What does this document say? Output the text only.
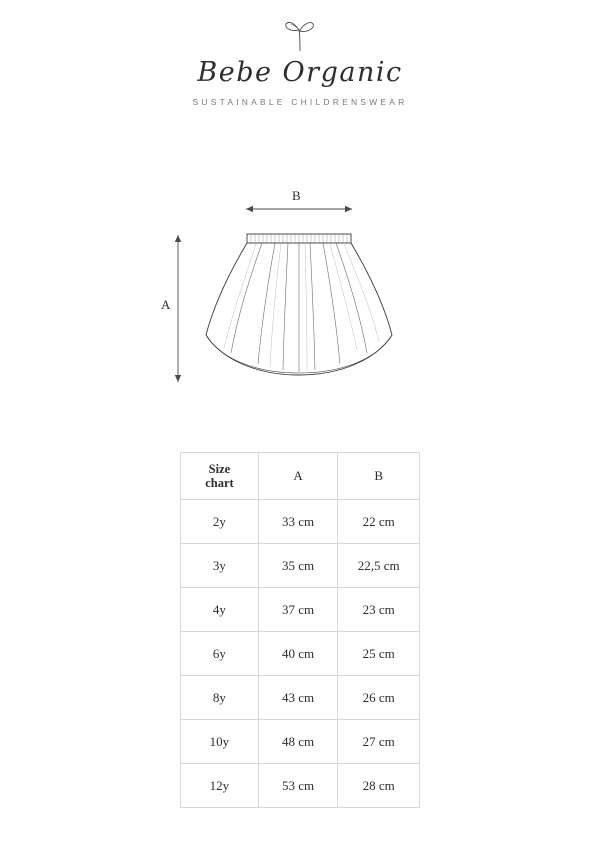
Bebe Organic
SUSTAINABLE CHILDRENSWEAR
B
A
Size
chart	A	B
2y	33 cm	22 cm
3y	35 cm	22,5 cm
4y	37 cm	23 cm
6y	40 cm	25 cm
8y	43 cm	26 cm
10y	48 cm	27 cm
12y	53 cm	28 cm
